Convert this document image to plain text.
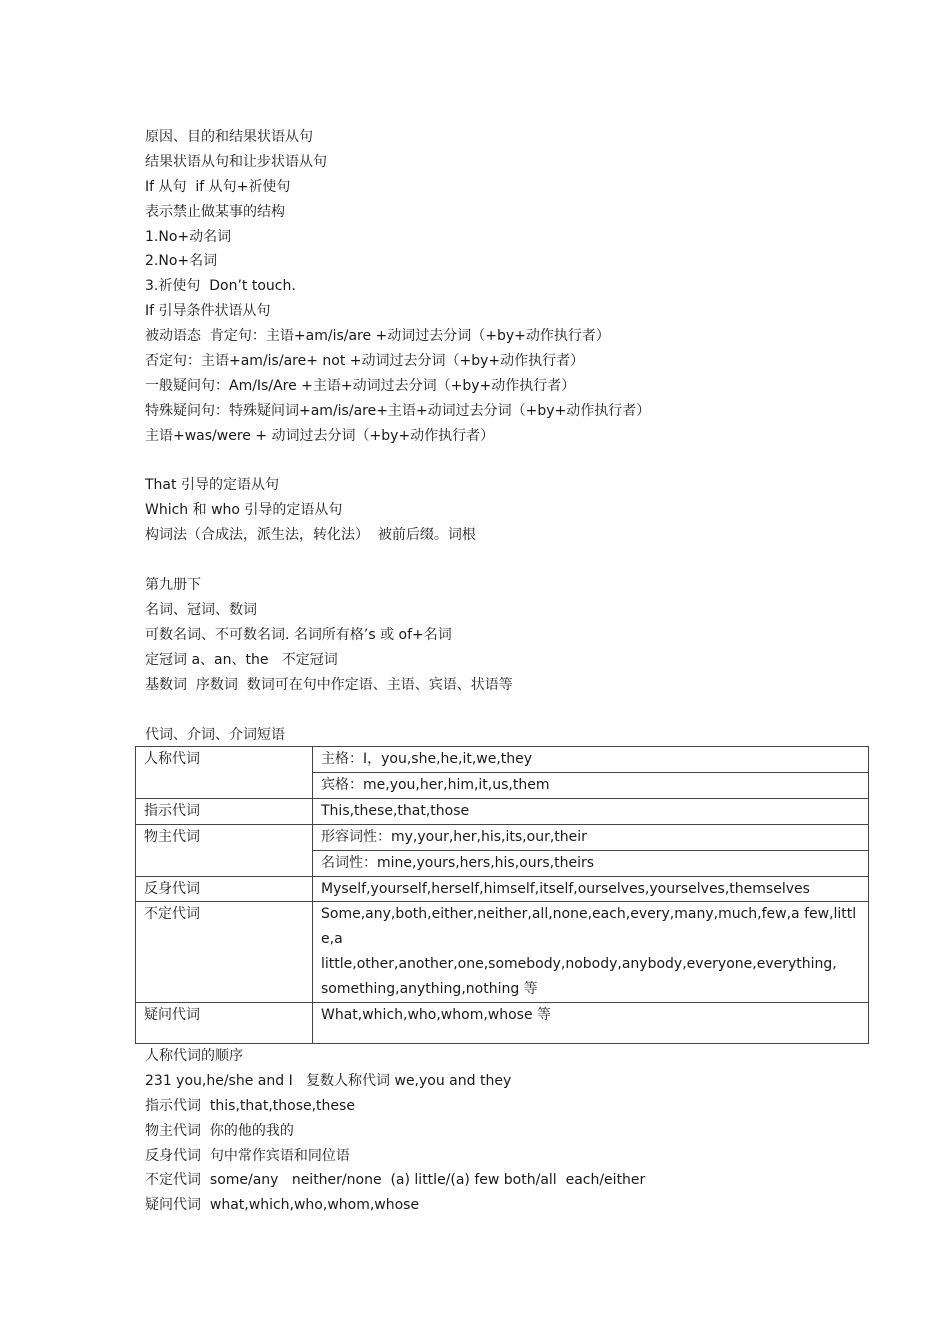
原因、目的和结果状语从句
结果状语从句和让步状语从句
If 从句  if 从句+祈使句
表示禁止做某事的结构
1.No+动名词
2.No+名词
3.祈使句  Don’t touch.
If 引导条件状语从句
被动语态  肯定句：主语+am/is/are +动词过去分词（+by+动作执行者）
否定句：主语+am/is/are+ not +动词过去分词（+by+动作执行者）
一般疑问句：Am/Is/Are +主语+动词过去分词（+by+动作执行者）
特殊疑问句：特殊疑问词+am/is/are+主语+动词过去分词（+by+动作执行者）
主语+was/were + 动词过去分词（+by+动作执行者）
That 引导的定语从句
Which 和 who 引导的定语从句
构词法（合成法，派生法，转化法）  被前后缀。词根
第九册下
名词、冠词、数词
可数名词、不可数名词. 名词所有格’s 或 of+名词
定冠词 a、an、the   不定冠词
基数词  序数词  数词可在句中作定语、主语、宾语、状语等
代词、介词、介词短语
人称代词	主格：I，you,she,he,it,we,they
	宾格：me,you,her,him,it,us,them
指示代词	This,these,that,those
物主代词	形容词性：my,your,her,his,its,our,their
	名词性：mine,yours,hers,his,ours,theirs
反身代词	Myself,yourself,herself,himself,itself,ourselves,yourselves,themselves
不定代词	Some,any,both,either,neither,all,none,each,every,many,much,few,a few,little,a
little,other,another,one,somebody,nobody,anybody,everyone,everything,
something,anything,nothing 等

疑问代词	What,which,who,whom,whose 等
人称代词的顺序
231 you,he/she and I   复数人称代词 we,you and they
指示代词  this,that,those,these
物主代词  你的他的我的
反身代词  句中常作宾语和同位语
不定代词  some/any   neither/none  (a) little/(a) few both/all  each/either
疑问代词  what,which,who,whom,whose
